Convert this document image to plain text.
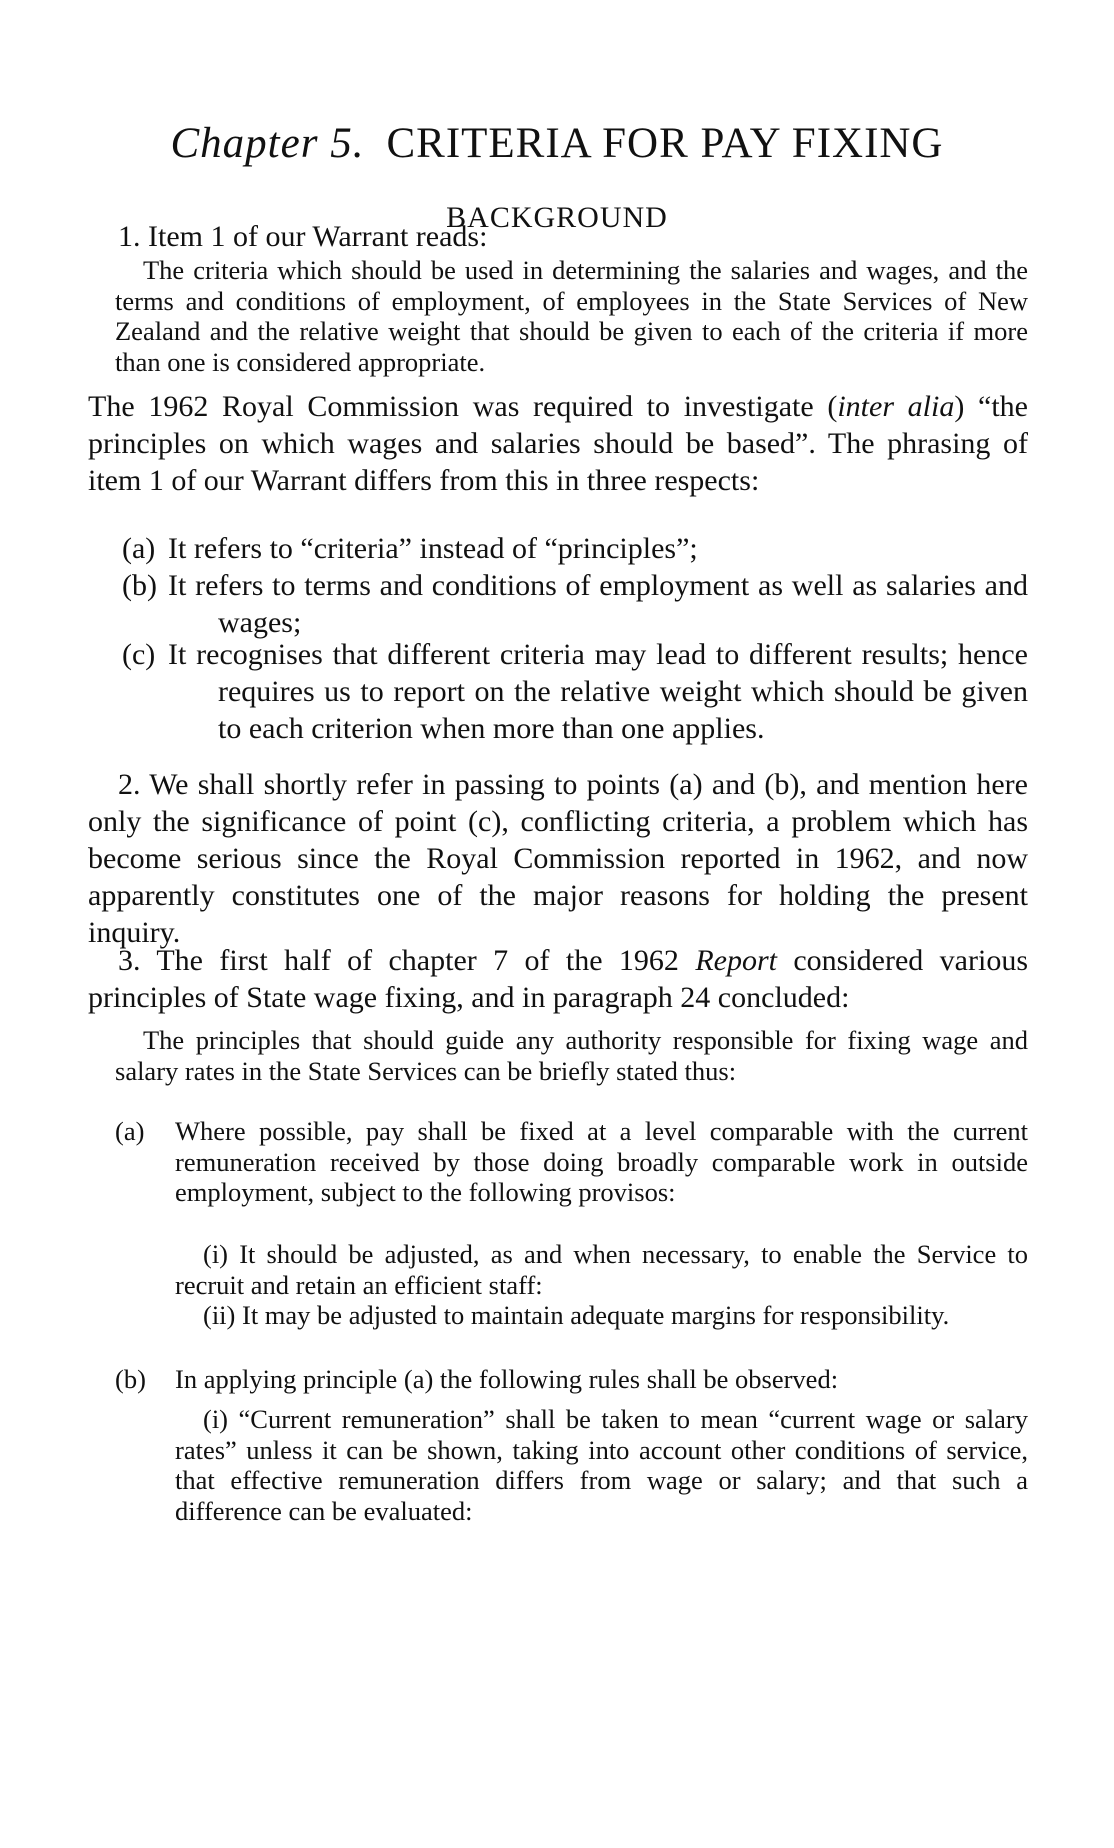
Chapter 5. CRITERIA FOR PAY FIXING
BACKGROUND

1. Item 1 of our Warrant reads:

The criteria which should be used in determining the salaries and wages, and the terms and conditions of employment, of employees in the State Services of New Zealand and the relative weight that should be given to each of the criteria if more than one is considered appropriate.

The 1962 Royal Commission was required to investigate (inter alia) “the principles on which wages and salaries should be based”. The phrasing of item 1 of our Warrant differs from this in three respects:

(a) It refers to “criteria” instead of “principles”;
(b) It refers to terms and conditions of employment as well as salaries and wages;
(c) It recognises that different criteria may lead to different results; hence requires us to report on the relative weight which should be given to each criterion when more than one applies.

2. We shall shortly refer in passing to points (a) and (b), and mention here only the significance of point (c), conflicting criteria, a problem which has become serious since the Royal Commission reported in 1962, and now apparently constitutes one of the major reasons for holding the present inquiry.

3. The first half of chapter 7 of the 1962 Report considered various principles of State wage fixing, and in paragraph 24 concluded:

The principles that should guide any authority responsible for fixing wage and salary rates in the State Services can be briefly stated thus:

(a) Where possible, pay shall be fixed at a level comparable with the current remuneration received by those doing broadly comparable work in outside employment, subject to the following provisos:

(i) It should be adjusted, as and when necessary, to enable the Service to recruit and retain an efficient staff:

(ii) It may be adjusted to maintain adequate margins for responsibility.

(b) In applying principle (a) the following rules shall be observed:

(i) “Current remuneration” shall be taken to mean “current wage or salary rates” unless it can be shown, taking into account other conditions of service, that effective remuneration differs from wage or salary; and that such a difference can be evaluated:
